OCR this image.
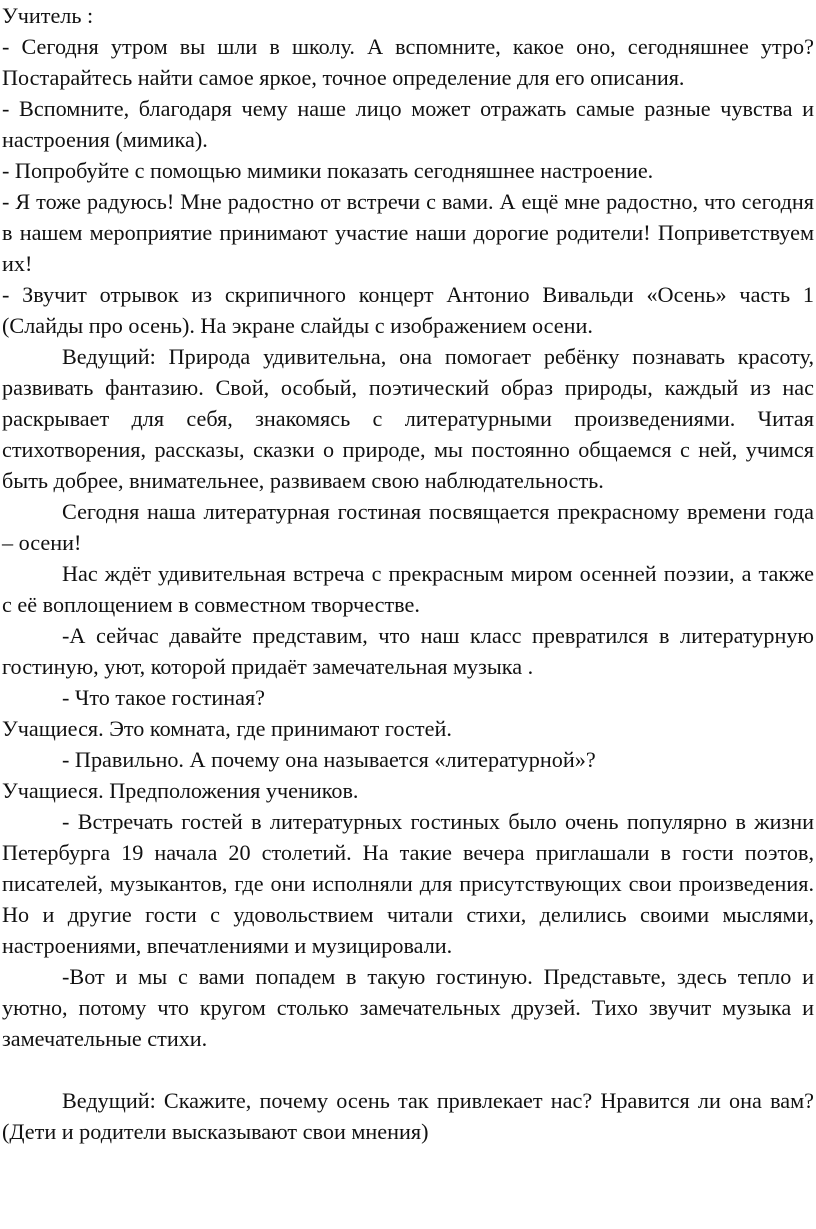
Учитель :

- Сегодня утром вы шли в школу. А вспомните, какое оно, сегодняшнее утро? Постарайтесь найти самое яркое, точное определение для его описания.

- Вспомните, благодаря чему наше лицо может отражать самые разные чувства и настроения (мимика).

- Попробуйте с помощью мимики показать сегодняшнее настроение.

- Я тоже радуюсь! Мне радостно от встречи с вами. А ещё мне радостно, что сегодня в нашем мероприятие принимают участие наши дорогие родители! Поприветствуем их!

- Звучит отрывок из скрипичного концерт Антонио Вивальди «Осень» часть 1 (Слайды про осень). На экране слайды с изображением осени.

Ведущий: Природа удивительна, она помогает ребёнку познавать красоту, развивать фантазию. Свой, особый, поэтический образ природы, каждый из нас раскрывает для себя, знакомясь с литературными произведениями. Читая стихотворения, рассказы, сказки о природе, мы постоянно общаемся с ней, учимся быть добрее, внимательнее, развиваем свою наблюдательность.

Сегодня наша литературная гостиная посвящается прекрасному времени года – осени!

Нас ждёт удивительная встреча с прекрасным миром осенней поэзии, а также с её воплощением в совместном творчестве.

-А сейчас давайте представим, что наш класс превратился в литературную гостиную, уют, которой придаёт замечательная музыка .

- Что такое гостиная?

Учащиеся. Это комната, где принимают гостей.

- Правильно. А почему она называется «литературной»?

Учащиеся. Предположения учеников.

- Встречать гостей в литературных гостиных было очень популярно в жизни Петербурга 19 начала 20 столетий. На такие вечера приглашали в гости поэтов, писателей, музыкантов, где они исполняли для присутствующих свои произведения. Но и другие гости с удовольствием читали стихи, делились своими мыслями, настроениями, впечатлениями и музицировали.

-Вот и мы с вами попадем в такую гостиную. Представьте, здесь тепло и уютно, потому что кругом столько замечательных друзей. Тихо звучит музыка и замечательные стихи.

Ведущий: Скажите, почему осень так привлекает нас? Нравится ли она вам?(Дети и родители высказывают свои мнения)
